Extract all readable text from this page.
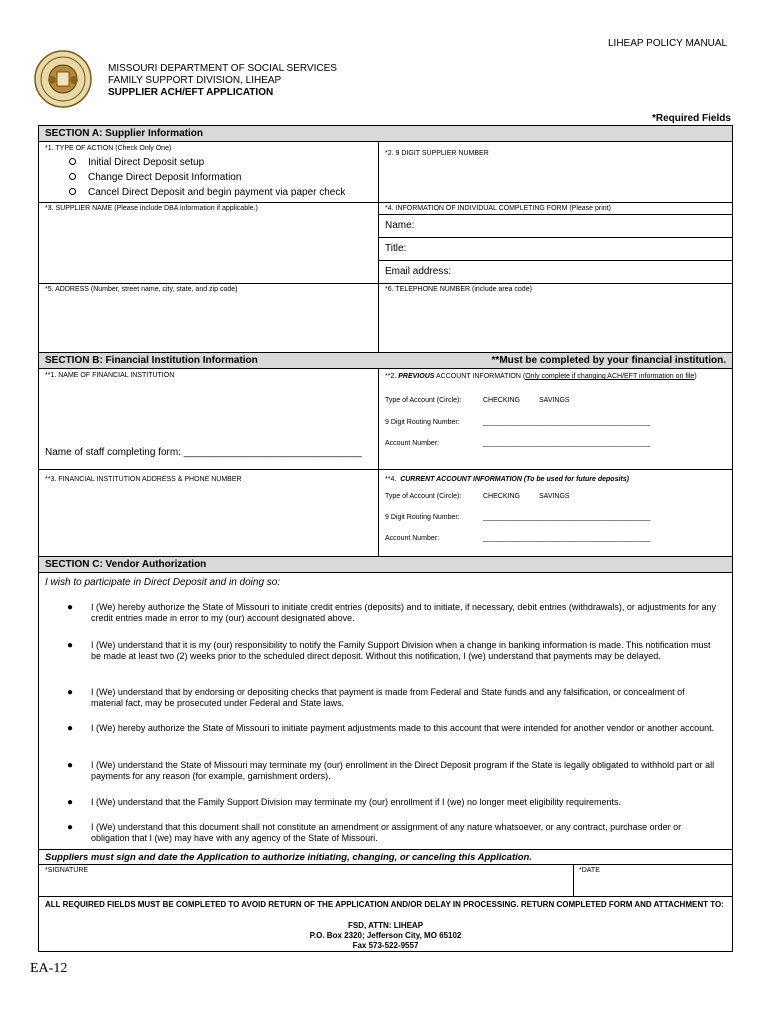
LIHEAP POLICY MANUAL
MISSOURI DEPARTMENT OF SOCIAL SERVICES
FAMILY SUPPORT DIVISION, LIHEAP
SUPPLIER ACH/EFT APPLICATION
*Required Fields
SECTION A: Supplier Information
*1. TYPE OF ACTION (Check Only One)
Initial Direct Deposit setup
Change Direct Deposit Information
Cancel Direct Deposit and begin payment via paper check
*2. 9 DIGIT SUPPLIER NUMBER
*3. SUPPLIER NAME (Please include DBA information if applicable.)	*4. INFORMATION OF INDIVIDUAL COMPLETING FORM (Please print)
Name:
Title:
Email address:
*5. ADDRESS (Number, street name, city, state, and zip code)	*6. TELEPHONE NUMBER (include area code)
SECTION B: Financial Institution Information	**Must be completed by your financial institution.
**1. NAME OF FINANCIAL INSTITUTION
Name of staff completing form: ________________________________
**2. PREVIOUS ACCOUNT INFORMATION (Only complete if changing ACH/EFT information on file)
Type of Account (Circle):	CHECKING	SAVINGS
9 Digit Routing Number:	___________________________________________
Account Number:	___________________________________________
**3. FINANCIAL INSTITUTION ADDRESS & PHONE NUMBER	**4. CURRENT ACCOUNT INFORMATION (To be used for future deposits)
Type of Account (Circle):	CHECKING	SAVINGS
9 Digit Routing Number:	___________________________________________
Account Number:	___________________________________________
SECTION C: Vendor Authorization
I wish to participate in Direct Deposit and in doing so:
● I (We) hereby authorize the State of Missouri to initiate credit entries (deposits) and to initiate, if necessary, debit entries (withdrawals), or adjustments for any credit entries made in error to my (our) account designated above.
● I (We) understand that it is my (our) responsibility to notify the Family Support Division when a change in banking information is made. This notification must be made at least two (2) weeks prior to the scheduled direct deposit. Without this notification, I (we) understand that payments may be delayed.
● I (We) understand that by endorsing or depositing checks that payment is made from Federal and State funds and any falsification, or concealment of material fact, may be prosecuted under Federal and State laws.
● I (We) hereby authorize the State of Missouri to initiate payment adjustments made to this account that were intended for another vendor or another account.
● I (We) understand the State of Missouri may terminate my (our) enrollment in the Direct Deposit program if the State is legally obligated to withhold part or all payments for any reason (for example, garnishment orders).
● I (We) understand that the Family Support Division may terminate my (our) enrollment if I (we) no longer meet eligibility requirements.
● I (We) understand that this document shall not constitute an amendment or assignment of any nature whatsoever, or any contract, purchase order or obligation that I (we) may have with any agency of the State of Missouri.
Suppliers must sign and date the Application to authorize initiating, changing, or canceling this Application.
*SIGNATURE	*DATE
ALL REQUIRED FIELDS MUST BE COMPLETED TO AVOID RETURN OF THE APPLICATION AND/OR DELAY IN PROCESSING. RETURN COMPLETED FORM AND ATTACHMENT TO:
FSD, ATTN: LIHEAP
P.O. Box 2320; Jefferson City, MO 65102
Fax 573-522-9557
EA-12
